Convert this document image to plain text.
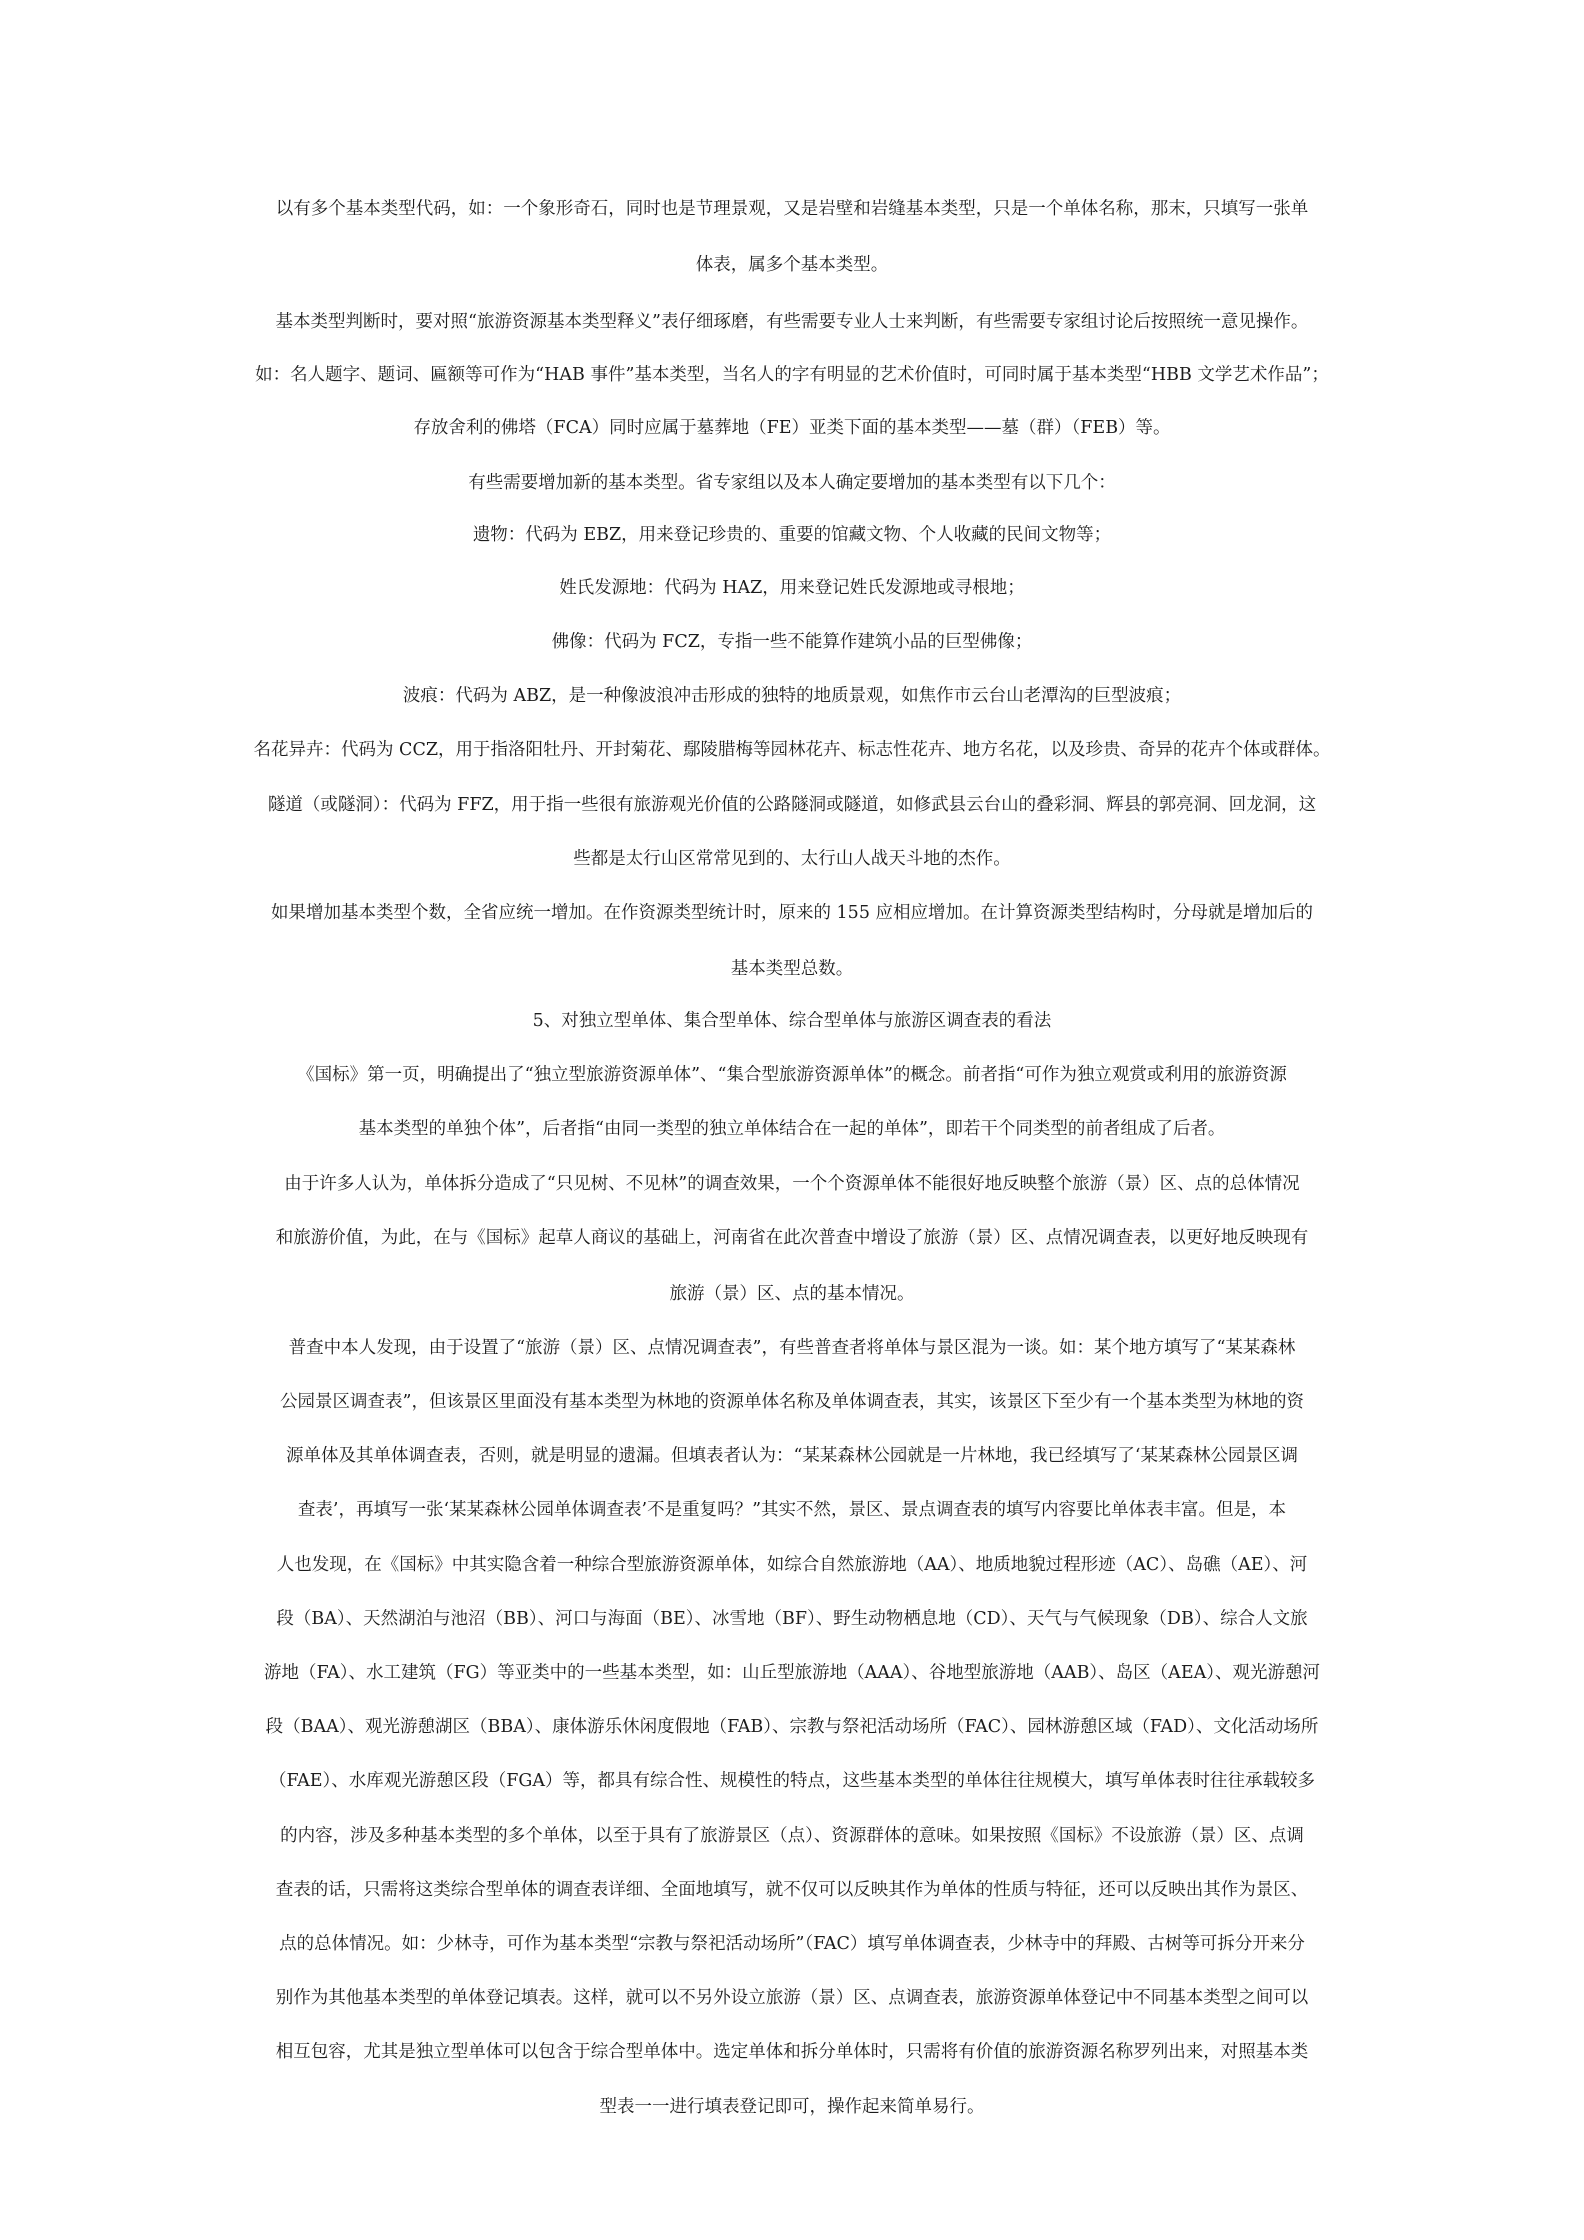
以有多个基本类型代码，如：一个象形奇石，同时也是节理景观，又是岩壁和岩缝基本类型，只是一个单体名称，那末，只填写一张单
体表，属多个基本类型。
基本类型判断时，要对照“旅游资源基本类型释义”表仔细琢磨，有些需要专业人士来判断，有些需要专家组讨论后按照统一意见操作。
如：名人题字、题词、匾额等可作为“HAB 事件”基本类型，当名人的字有明显的艺术价值时，可同时属于基本类型“HBB 文学艺术作品”；
存放舍利的佛塔（FCA）同时应属于墓葬地（FE）亚类下面的基本类型——墓（群）（FEB）等。
有些需要增加新的基本类型。省专家组以及本人确定要增加的基本类型有以下几个：
遗物：代码为 EBZ，用来登记珍贵的、重要的馆藏文物、个人收藏的民间文物等；
姓氏发源地：代码为 HAZ，用来登记姓氏发源地或寻根地；
佛像：代码为 FCZ，专指一些不能算作建筑小品的巨型佛像；
波痕：代码为 ABZ，是一种像波浪冲击形成的独特的地质景观，如焦作市云台山老潭沟的巨型波痕；
名花异卉：代码为 CCZ，用于指洛阳牡丹、开封菊花、鄢陵腊梅等园林花卉、标志性花卉、地方名花，以及珍贵、奇异的花卉个体或群体。
隧道（或隧洞）：代码为 FFZ，用于指一些很有旅游观光价值的公路隧洞或隧道，如修武县云台山的叠彩洞、辉县的郭亮洞、回龙洞，这
些都是太行山区常常见到的、太行山人战天斗地的杰作。
如果增加基本类型个数，全省应统一增加。在作资源类型统计时，原来的 155 应相应增加。在计算资源类型结构时，分母就是增加后的
基本类型总数。
5、对独立型单体、集合型单体、综合型单体与旅游区调查表的看法
《国标》第一页，明确提出了“独立型旅游资源单体”、“集合型旅游资源单体”的概念。前者指“可作为独立观赏或利用的旅游资源
基本类型的单独个体”，后者指“由同一类型的独立单体结合在一起的单体”，即若干个同类型的前者组成了后者。
由于许多人认为，单体拆分造成了“只见树、不见林”的调查效果，一个个资源单体不能很好地反映整个旅游（景）区、点的总体情况
和旅游价值，为此，在与《国标》起草人商议的基础上，河南省在此次普查中增设了旅游（景）区、点情况调查表，以更好地反映现有
旅游（景）区、点的基本情况。
普查中本人发现，由于设置了“旅游（景）区、点情况调查表”，有些普查者将单体与景区混为一谈。如：某个地方填写了“某某森林
公园景区调查表”，但该景区里面没有基本类型为林地的资源单体名称及单体调查表，其实，该景区下至少有一个基本类型为林地的资
源单体及其单体调查表，否则，就是明显的遗漏。但填表者认为：“某某森林公园就是一片林地，我已经填写了‘某某森林公园景区调
查表’，再填写一张‘某某森林公园单体调查表’不是重复吗？”其实不然，景区、景点调查表的填写内容要比单体表丰富。但是，本
人也发现，在《国标》中其实隐含着一种综合型旅游资源单体，如综合自然旅游地（AA）、地质地貌过程形迹（AC）、岛礁（AE）、河
段（BA）、天然湖泊与池沼（BB）、河口与海面（BE）、冰雪地（BF）、野生动物栖息地（CD）、天气与气候现象（DB）、综合人文旅
游地（FA）、水工建筑（FG）等亚类中的一些基本类型，如：山丘型旅游地（AAA）、谷地型旅游地（AAB）、岛区（AEA）、观光游憩河
段（BAA）、观光游憩湖区（BBA）、康体游乐休闲度假地（FAB）、宗教与祭祀活动场所（FAC）、园林游憩区域（FAD）、文化活动场所
（FAE）、水库观光游憩区段（FGA）等，都具有综合性、规模性的特点，这些基本类型的单体往往规模大，填写单体表时往往承载较多
的内容，涉及多种基本类型的多个单体，以至于具有了旅游景区（点）、资源群体的意味。如果按照《国标》不设旅游（景）区、点调
查表的话，只需将这类综合型单体的调查表详细、全面地填写，就不仅可以反映其作为单体的性质与特征，还可以反映出其作为景区、
点的总体情况。如：少林寺，可作为基本类型“宗教与祭祀活动场所”（FAC）填写单体调查表，少林寺中的拜殿、古树等可拆分开来分
别作为其他基本类型的单体登记填表。这样，就可以不另外设立旅游（景）区、点调查表，旅游资源单体登记中不同基本类型之间可以
相互包容，尤其是独立型单体可以包含于综合型单体中。选定单体和拆分单体时，只需将有价值的旅游资源名称罗列出来，对照基本类
型表一一进行填表登记即可，操作起来简单易行。
